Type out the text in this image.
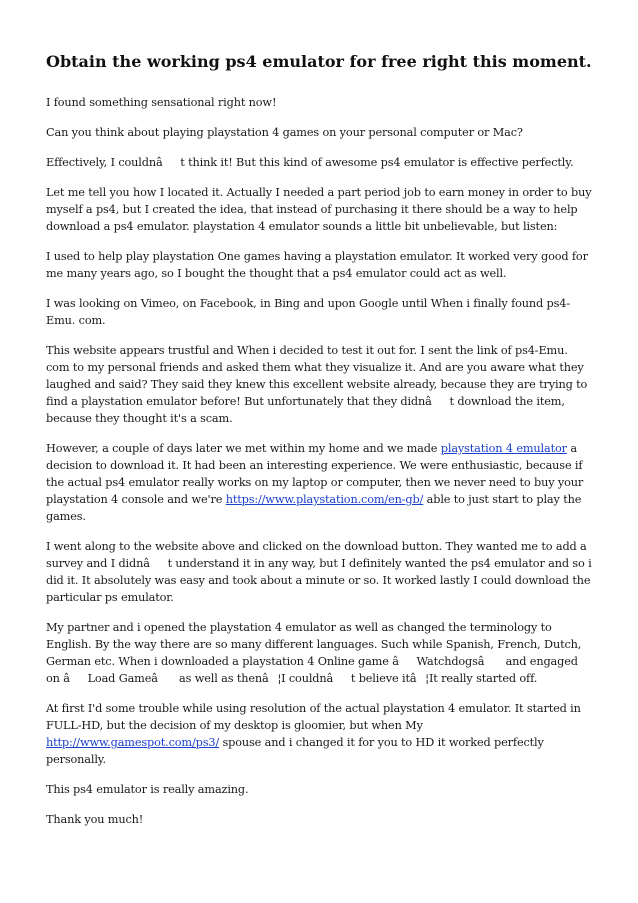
Obtain the working ps4 emulator for free right this moment.

I found something sensational right now!

Can you think about playing playstation 4 games on your personal computer or Mac?

Effectively, I couldnât think it! But this kind of awesome ps4 emulator is effective perfectly.

Let me tell you how I located it. Actually I needed a part period job to earn money in order to buy myself a ps4, but I created the idea, that instead of purchasing it there should be a way to help download a ps4 emulator. playstation 4 emulator sounds a little bit unbelievable, but listen:

I used to help play playstation One games having a playstation emulator. It worked very good for me many years ago, so I bought the thought that a ps4 emulator could act as well.

I was looking on Vimeo, on Facebook, in Bing and upon Google until When i finally found ps4-Emu. com.

This website appears trustful and When i decided to test it out for. I sent the link of ps4-Emu. com to my personal friends and asked them what they visualize it. And are you aware what they laughed and said? They said they knew this excellent website already, because they are trying to find a playstation emulator before! But unfortunately that they didnât download the item, because they thought it's a scam.

However, a couple of days later we met within my home and we made playstation 4 emulator a decision to download it. It had been an interesting experience. We were enthusiastic, because if the actual ps4 emulator really works on my laptop or computer, then we never need to buy your playstation 4 console and we're https://www.playstation.com/en-gb/ able to just start to play the games.

I went along to the website above and clicked on the download button. They wanted me to add a survey and I didnât understand it in any way, but I definitely wanted the ps4 emulator and so i did it. It absolutely was easy and took about a minute or so. It worked lastly I could download the particular ps emulator.

My partner and i opened the playstation 4 emulator as well as changed the terminology to English. By the way there are so many different languages. Such while Spanish, French, Dutch, German etc. When i downloaded a playstation 4 Online game âWatchdogsâ and engaged on âLoad Gameâ as well as thenâ¦I couldnât believe itâ¦It really started off.

At first I'd some trouble while using resolution of the actual playstation 4 emulator. It started in FULL-HD, but the decision of my desktop is gloomier, but when My http://www.gamespot.com/ps3/ spouse and i changed it for you to HD it worked perfectly personally.

This ps4 emulator is really amazing.

Thank you much!
